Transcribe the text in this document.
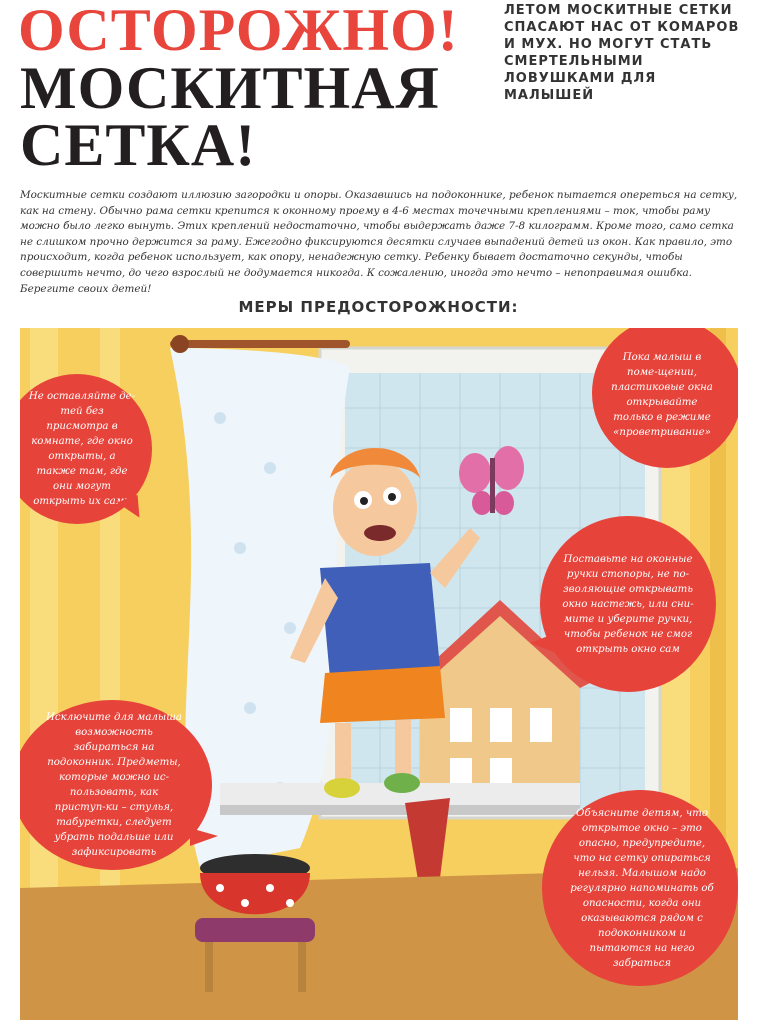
ОСТОРОЖНО!
МОСКИТНАЯ
СЕТКА!
ЛЕТОМ МОСКИТНЫЕ СЕТКИ СПАСАЮТ НАС ОТ КОМАРОВ И МУХ. НО МОГУТ СТАТЬ СМЕРТЕЛЬНЫМИ ЛОВУШКАМИ ДЛЯ МАЛЫШЕЙ
Москитные сетки создают иллюзию загородки и опоры. Оказавшись на подоконнике, ребенок пытается опереться на сетку, как на стену. Обычно рама сетки крепится к оконному проему в 4-6 местах точечными креплениями – ток, чтобы раму можно было легко вынуть. Этих креплений недостаточно, чтобы выдержать даже 7-8 килограмм. Кроме того, само сетка не слишком прочно держится за раму. Ежегодно фиксируются десятки случаев выпадений детей из окон. Как правило, это происходит, когда ребенок использует, как опору, ненадежную сетку. Ребенку бывает достаточно секунды, чтобы совершить нечто, до чего взрослый не додумается никогда. К сожалению, иногда это нечто – непоправимая ошибка. Берегите своих детей!
МЕРЫ ПРЕДОСТОРОЖНОСТИ:
Пока малыш в поме-щении, пластиковые окна открывайте только в режиме «проветривание»
Не оставляйте де-тей без присмотра в комнате, где окно открыты, а также там, где они могут открыть их сами
Поставьте на оконные ручки стопоры, не по-зволяющие открывать окно настежь, или сни-мите и уберите ручки, чтобы ребенок не смог открыть окно сам
Исключите для малыша возможность забираться на подоконник. Предметы, которые можно ис-пользовать, как приступ-ки – стулья, табуретки, следует убрать подальше или зафиксировать
Объясните детям, что открытое окно – это опасно, предупредите, что на сетку опираться нельзя. Малышом надо регулярно напоминать об опасности, когда они оказываются рядом с подоконником и пытаются на него забраться
